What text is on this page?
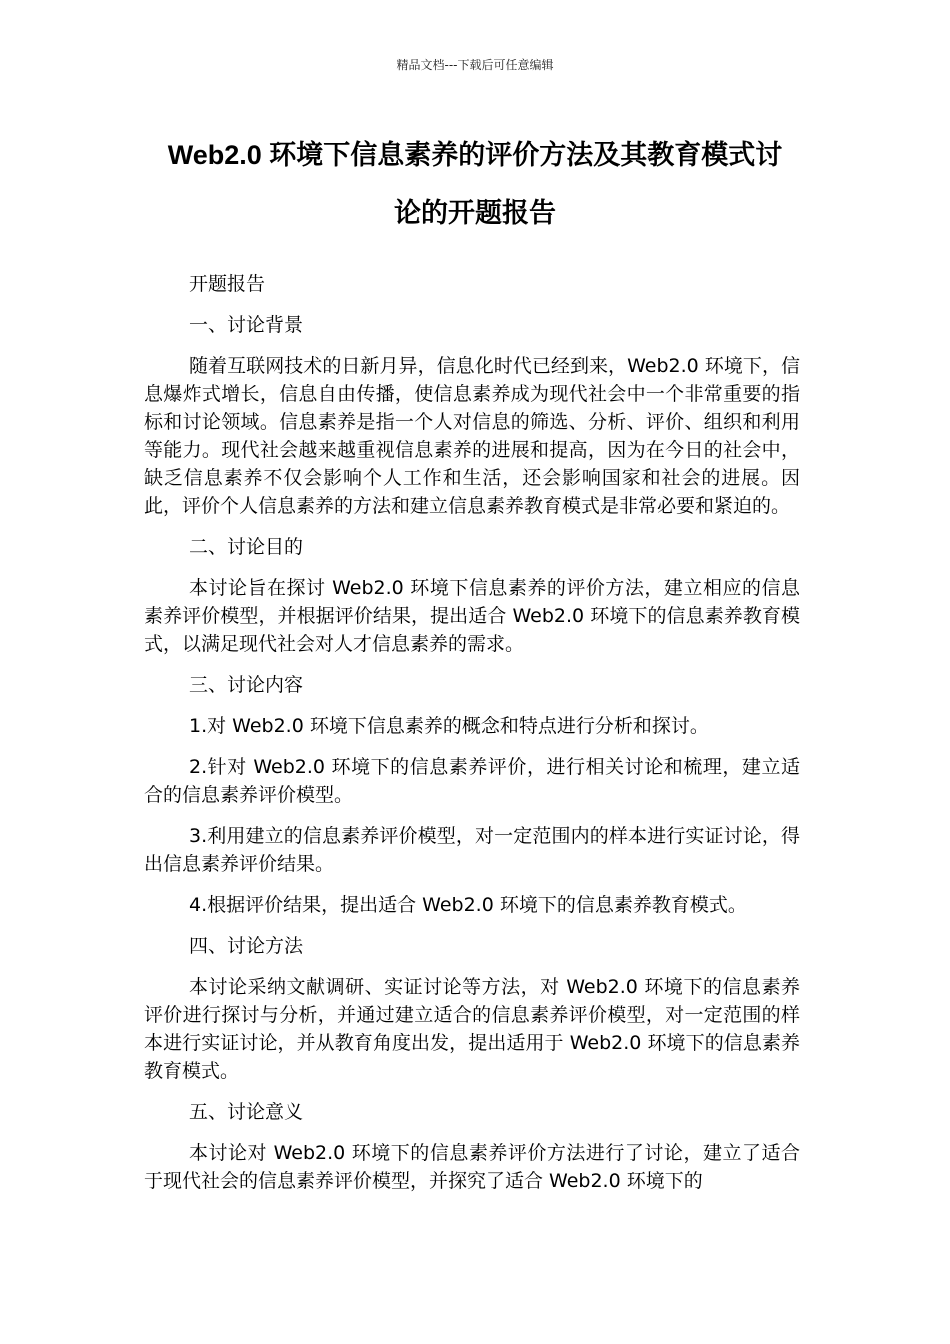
精品文档---下载后可任意编辑
Web2.0 环境下信息素养的评价方法及其教育模式讨
论的开题报告

开题报告

一、讨论背景

随着互联网技术的日新月异，信息化时代已经到来，Web2.0 环境下，信息爆炸式增长，信息自由传播，使信息素养成为现代社会中一个非常重要的指标和讨论领域。信息素养是指一个人对信息的筛选、分析、评价、组织和利用等能力。现代社会越来越重视信息素养的进展和提高，因为在今日的社会中，缺乏信息素养不仅会影响个人工作和生活，还会影响国家和社会的进展。因此，评价个人信息素养的方法和建立信息素养教育模式是非常必要和紧迫的。

二、讨论目的

本讨论旨在探讨 Web2.0 环境下信息素养的评价方法，建立相应的信息素养评价模型，并根据评价结果，提出适合 Web2.0 环境下的信息素养教育模式，以满足现代社会对人才信息素养的需求。

三、讨论内容

1.对 Web2.0 环境下信息素养的概念和特点进行分析和探讨。

2.针对 Web2.0 环境下的信息素养评价，进行相关讨论和梳理，建立适合的信息素养评价模型。

3.利用建立的信息素养评价模型，对一定范围内的样本进行实证讨论，得出信息素养评价结果。

4.根据评价结果，提出适合 Web2.0 环境下的信息素养教育模式。

四、讨论方法

本讨论采纳文献调研、实证讨论等方法，对 Web2.0 环境下的信息素养评价进行探讨与分析，并通过建立适合的信息素养评价模型，对一定范围的样本进行实证讨论，并从教育角度出发，提出适用于 Web2.0 环境下的信息素养教育模式。

五、讨论意义

本讨论对 Web2.0 环境下的信息素养评价方法进行了讨论，建立了适合于现代社会的信息素养评价模型，并探究了适合 Web2.0 环境下的
